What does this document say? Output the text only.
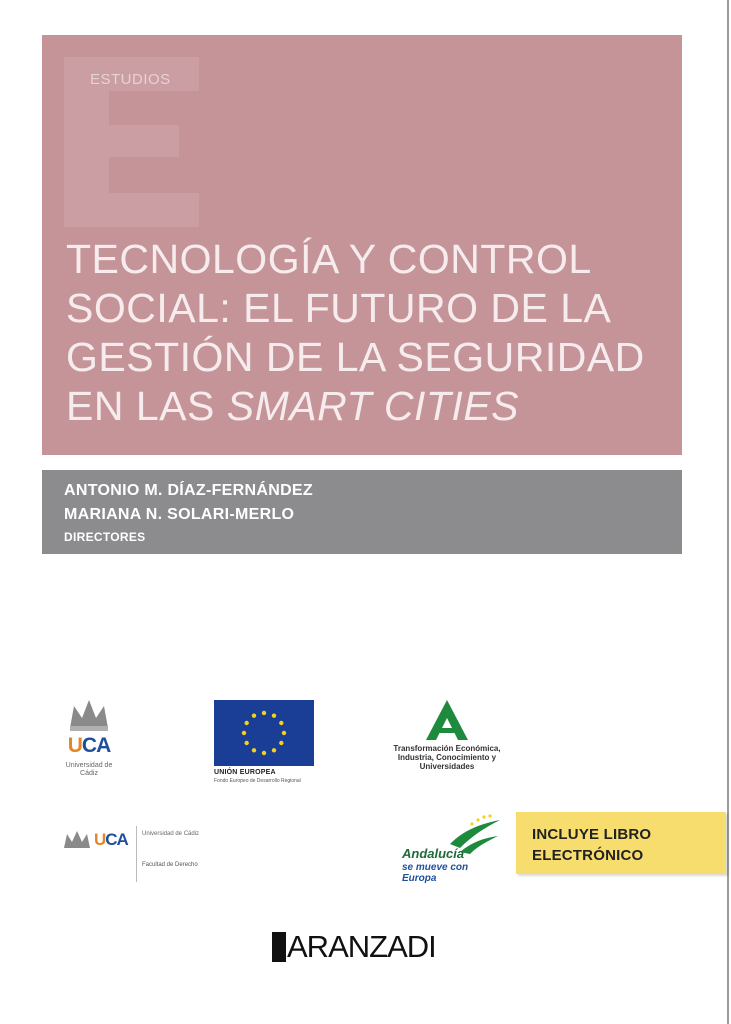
ESTUDIOS
TECNOLOGÍA Y CONTROL
SOCIAL: EL FUTURO DE LA
GESTIÓN DE LA SEGURIDAD
EN LAS SMART CITIES
ANTONIO M. DÍAZ-FERNÁNDEZ
MARIANA N. SOLARI-MERLO
DIRECTORES
UCA
Universidad de Cádiz	UNIÓN EUROPEA
Fondo Europeo de Desarrollo Regional
Transformación Económica, Industria, Conocimiento y Universidades
UCA Universidad de Cádiz
Facultad de Derecho
Andalucía
se mueve con Europa
INCLUYE LIBRO
ELECTRÓNICO
ARANZADI
